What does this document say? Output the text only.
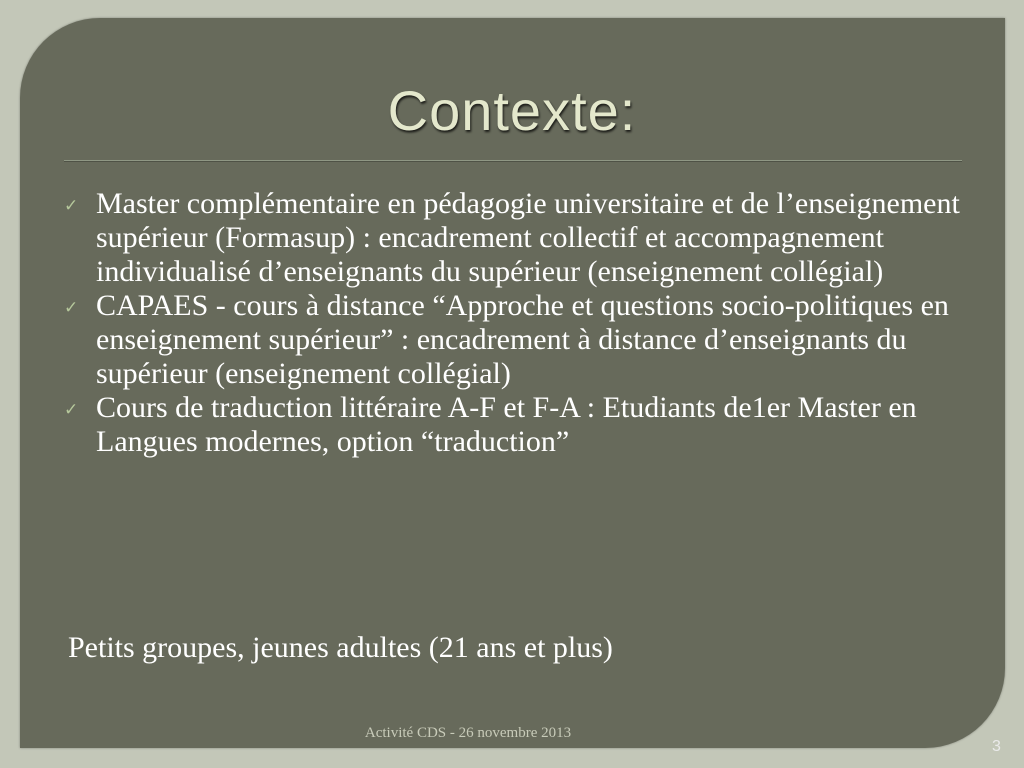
Contexte:
✓ Master complémentaire en pédagogie universitaire et de l’enseignement supérieur (Formasup) : encadrement collectif et accompagnement individualisé d’enseignants du supérieur (enseignement collégial)
✓ CAPAES - cours à distance “Approche et questions socio-politiques en enseignement supérieur” : encadrement à distance d’enseignants du supérieur (enseignement collégial)
✓ Cours de traduction littéraire A-F et F-A : Etudiants de1er Master en Langues modernes, option “traduction”
Petits groupes, jeunes adultes (21 ans et plus)
Activité CDS - 26 novembre 2013
3
